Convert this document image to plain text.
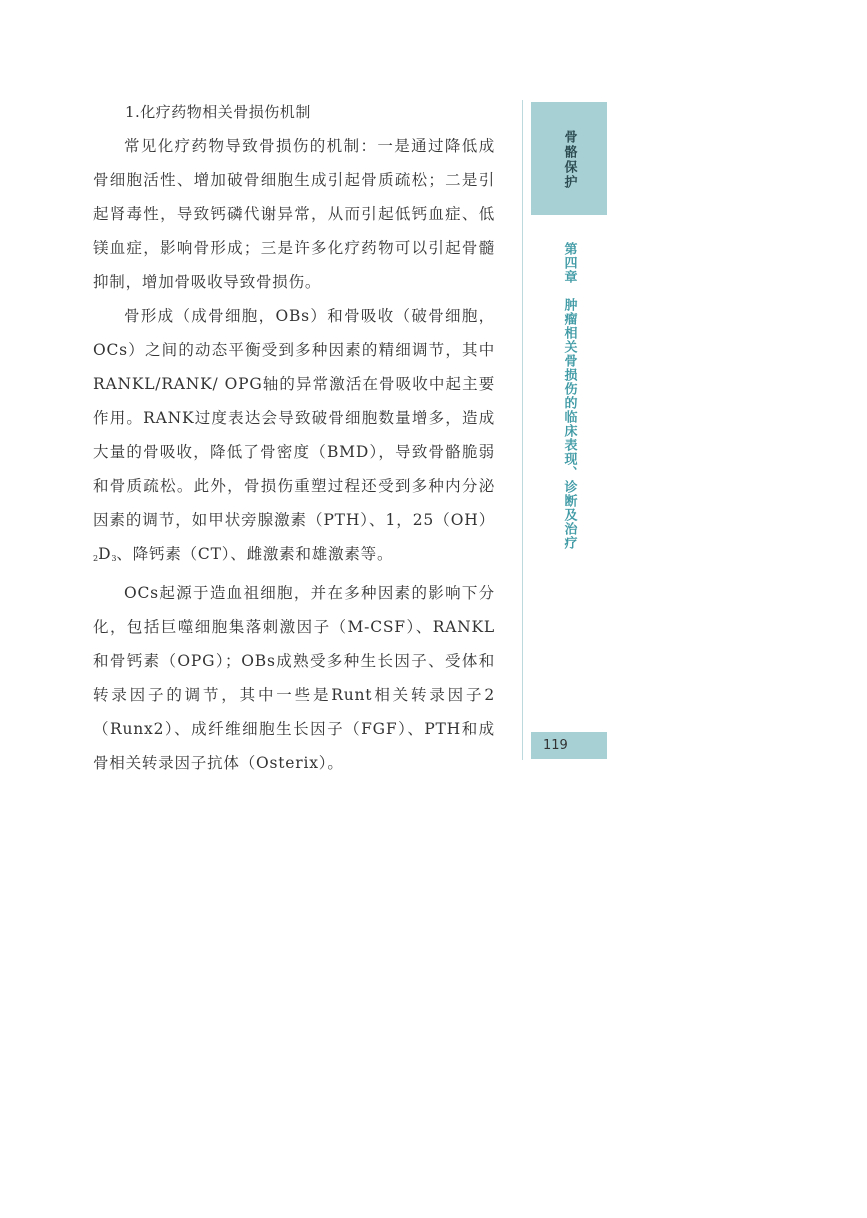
1.化疗药物相关骨损伤机制

常见化疗药物导致骨损伤的机制：一是通过降低成骨细胞活性、增加破骨细胞生成引起骨质疏松；二是引起肾毒性，导致钙磷代谢异常，从而引起低钙血症、低镁血症，影响骨形成；三是许多化疗药物可以引起骨髓抑制，增加骨吸收导致骨损伤。

骨形成（成骨细胞，OBs）和骨吸收（破骨细胞，OCs）之间的动态平衡受到多种因素的精细调节，其中RANKL/RANK/ OPG轴的异常激活在骨吸收中起主要作用。RANK过度表达会导致破骨细胞数量增多，造成大量的骨吸收，降低了骨密度（BMD），导致骨骼脆弱和骨质疏松。此外，骨损伤重塑过程还受到多种内分泌因素的调节，如甲状旁腺激素（PTH）、1，$25(OH)_2D_3$、降钙素（CT）、雌激素和雄激素等。

OCs起源于造血祖细胞，并在多种因素的影响下分化，包括巨噬细胞集落刺激因子（M-CSF）、RANKL和骨钙素（OPG）；OBs成熟受多种生长因子、受体和转录因子的调节，其中一些是Runt相关转录因子2（Runx2）、成纤维细胞生长因子（FGF）、PTH和成骨相关转录因子抗体（Osterix）。

骨骼保护
第四章　肿瘤相关骨损伤的临床表现、诊断及治疗
119
